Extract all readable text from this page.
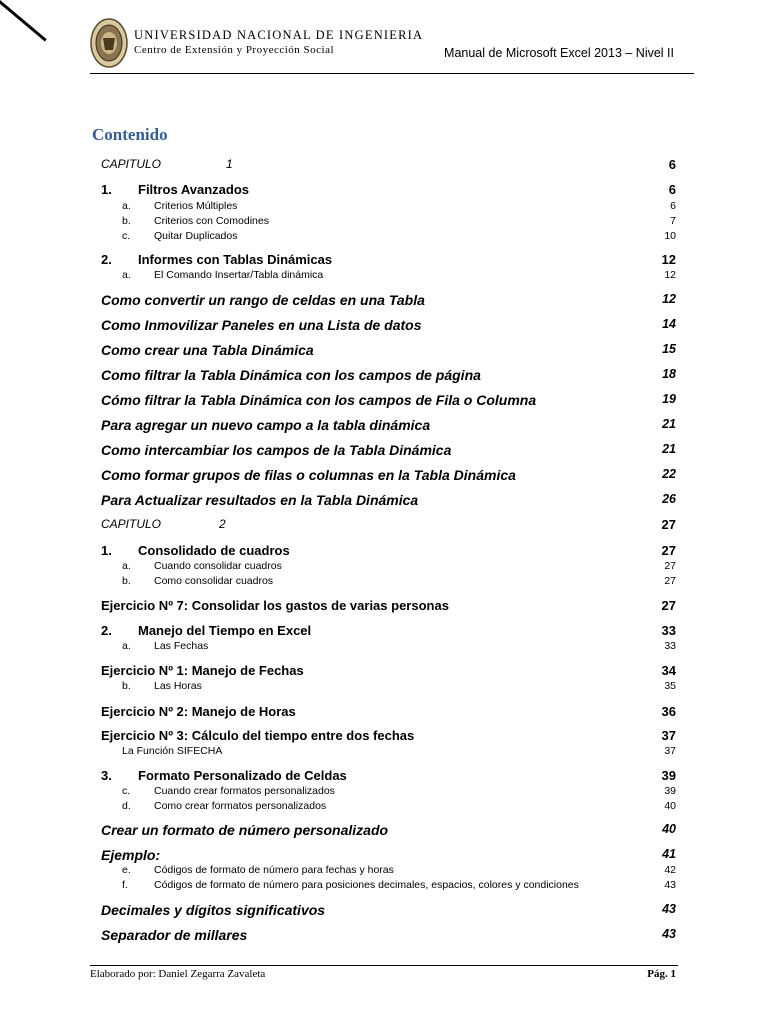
UNIVERSIDAD NACIONAL DE INGENIERIA
Centro de Extensión y Proyección Social	Manual de Microsoft Excel 2013 – Nivel II
Contenido
CAPITULO	1	6
1. Filtros Avanzados	6
a. Criterios Múltiples	6
b. Criterios con Comodines	7
c. Quitar Duplicados	10
2. Informes con Tablas Dinámicas	12
a. El Comando Insertar/Tabla dinámica	12
Como convertir un rango de celdas en una Tabla	12
Como Inmovilizar Paneles en una Lista de datos	14
Como crear una Tabla Dinámica	15
Como filtrar la Tabla Dinámica con los campos de página	18
Cómo filtrar la Tabla Dinámica con los campos de Fila o Columna	19
Para agregar un nuevo campo a la tabla dinámica	21
Como intercambiar los campos de la Tabla Dinámica	21
Como formar grupos de filas o columnas en la Tabla Dinámica	22
Para Actualizar resultados en la Tabla Dinámica	26
CAPITULO	2	27
1. Consolidado de cuadros	27
a. Cuando consolidar cuadros	27
b. Como consolidar cuadros	27
Ejercicio Nº 7: Consolidar los gastos de varias personas	27
2. Manejo del Tiempo en Excel	33
a. Las Fechas	33
Ejercicio Nº 1: Manejo de Fechas	34
b. Las Horas	35
Ejercicio Nº 2: Manejo de Horas	36
Ejercicio Nº 3: Cálculo del tiempo entre dos fechas	37
La Función SIFECHA	37
3. Formato Personalizado de Celdas	39
c. Cuando crear formatos personalizados	39
d. Como crear formatos personalizados	40
Crear un formato de número personalizado	40
Ejemplo:	41
e. Códigos de formato de número para fechas y horas	42
f. Códigos de formato de número para posiciones decimales, espacios, colores y condiciones	43
Decimales y dígitos significativos	43
Separador de millares	43
Elaborado por: Daniel Zegarra Zavaleta	Pág. 1
